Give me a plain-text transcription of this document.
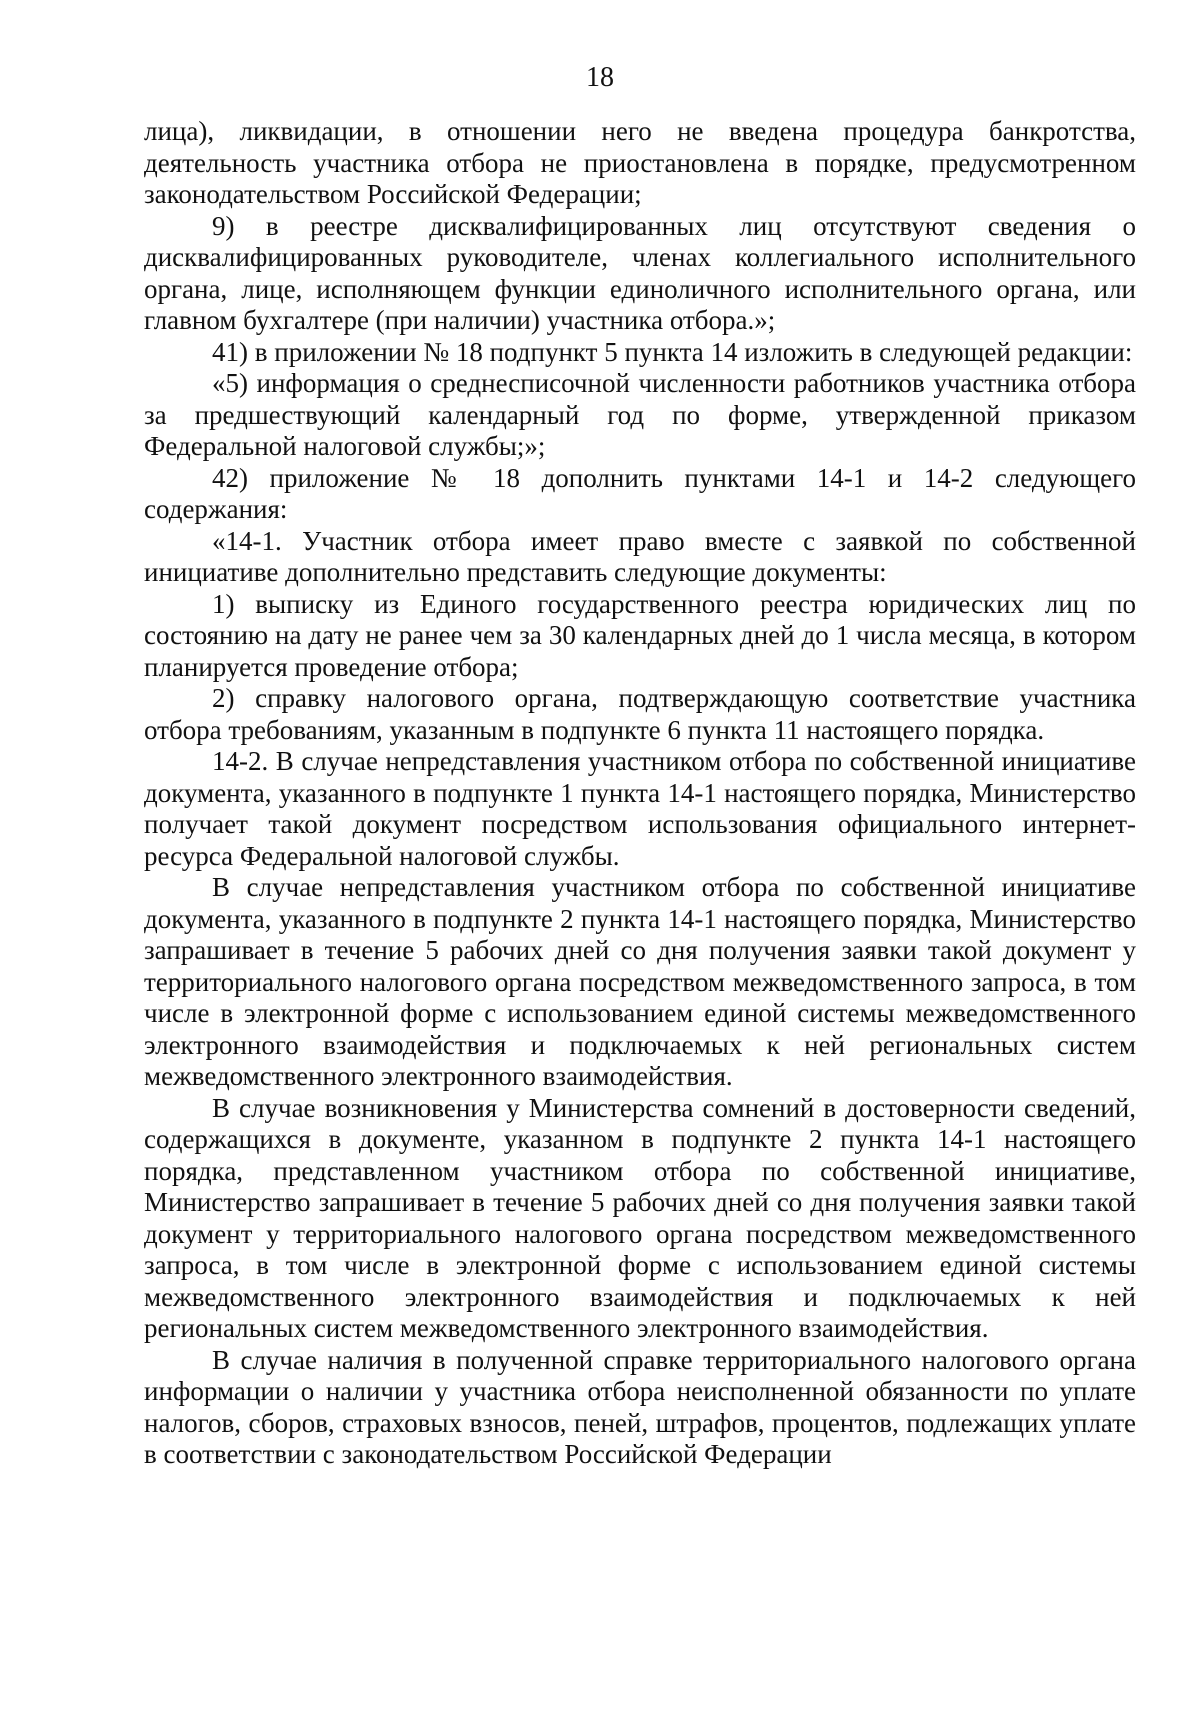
18

лица), ликвидации, в отношении него не введена процедура банкротства, деятельность участника отбора не приостановлена в порядке, предусмотренном законодательством Российской Федерации;

9) в реестре дисквалифицированных лиц отсутствуют сведения о дисквалифицированных руководителе, членах коллегиального исполнительного органа, лице, исполняющем функции единоличного исполнительного органа, или главном бухгалтере (при наличии) участника отбора.»;

41) в приложении № 18 подпункт 5 пункта 14 изложить в следующей редакции:

«5) информация о среднесписочной численности работников участника отбора за предшествующий календарный год по форме, утвержденной приказом Федеральной налоговой службы;»;

42) приложение № 18 дополнить пунктами 14-1 и 14-2 следующего содержания:

«14-1. Участник отбора имеет право вместе с заявкой по собственной инициативе дополнительно представить следующие документы:

1) выписку из Единого государственного реестра юридических лиц по состоянию на дату не ранее чем за 30 календарных дней до 1 числа месяца, в котором планируется проведение отбора;

2) справку налогового органа, подтверждающую соответствие участника отбора требованиям, указанным в подпункте 6 пункта 11 настоящего порядка.

14-2. В случае непредставления участником отбора по собственной инициативе документа, указанного в подпункте 1 пункта 14-1 настоящего порядка, Министерство получает такой документ посредством использования официального интернет-ресурса Федеральной налоговой службы.

В случае непредставления участником отбора по собственной инициативе документа, указанного в подпункте 2 пункта 14-1 настоящего порядка, Министерство запрашивает в течение 5 рабочих дней со дня получения заявки такой документ у территориального налогового органа посредством межведомственного запроса, в том числе в электронной форме с использованием единой системы межведомственного электронного взаимодействия и подключаемых к ней региональных систем межведомственного электронного взаимодействия.

В случае возникновения у Министерства сомнений в достоверности сведений, содержащихся в документе, указанном в подпункте 2 пункта 14-1 настоящего порядка, представленном участником отбора по собственной инициативе, Министерство запрашивает в течение 5 рабочих дней со дня получения заявки такой документ у территориального налогового органа посредством межведомственного запроса, в том числе в электронной форме с использованием единой системы межведомственного электронного взаимодействия и подключаемых к ней региональных систем межведомственного электронного взаимодействия.

В случае наличия в полученной справке территориального налогового органа информации о наличии у участника отбора неисполненной обязанности по уплате налогов, сборов, страховых взносов, пеней, штрафов, процентов, подлежащих уплате в соответствии с законодательством Российской Федерации
